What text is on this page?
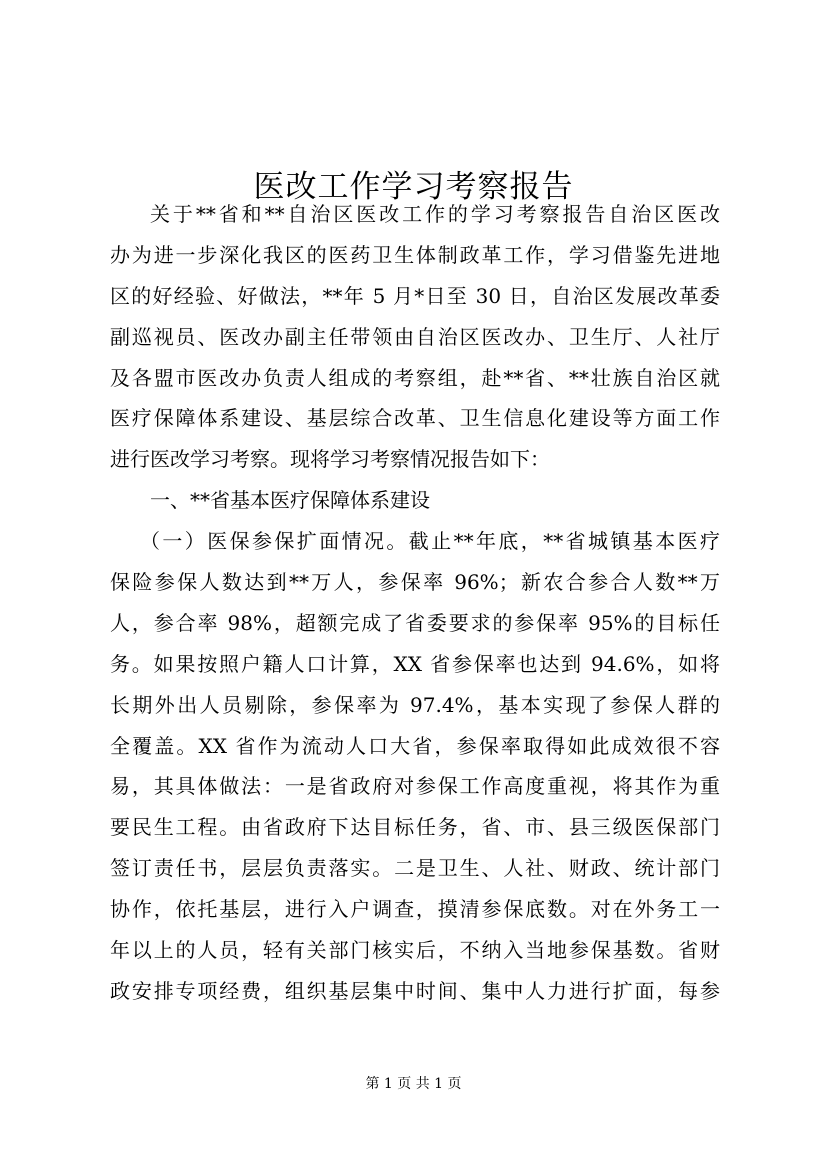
医改工作学习考察报告
关于**省和**自治区医改工作的学习考察报告自治区医改
办为进一步深化我区的医药卫生体制政革工作，学习借鉴先进地
区的好经验、好做法，**年 5 月*日至 30 日，自治区发展改革委
副巡视员、医改办副主任带领由自治区医改办、卫生厅、人社厅
及各盟市医改办负责人组成的考察组，赴**省、**壮族自治区就
医疗保障体系建设、基层综合改革、卫生信息化建设等方面工作
进行医改学习考察。现将学习考察情况报告如下：
一、**省基本医疗保障体系建设
（一）医保参保扩面情况。截止**年底，**省城镇基本医疗
保险参保人数达到**万人，参保率 96%；新农合参合人数**万
人，参合率 98%，超额完成了省委要求的参保率 95%的目标任
务。如果按照户籍人口计算，XX 省参保率也达到 94.6%，如将
长期外出人员剔除，参保率为 97.4%，基本实现了参保人群的
全覆盖。XX 省作为流动人口大省，参保率取得如此成效很不容
易，其具体做法：一是省政府对参保工作高度重视，将其作为重
要民生工程。由省政府下达目标任务，省、市、县三级医保部门
签订责任书，层层负责落实。二是卫生、人社、财政、统计部门
协作，依托基层，进行入户调查，摸清参保底数。对在外务工一
年以上的人员，轻有关部门核实后，不纳入当地参保基数。省财
政安排专项经费，组织基层集中时间、集中人力进行扩面，每参
第 1 页 共 1 页
